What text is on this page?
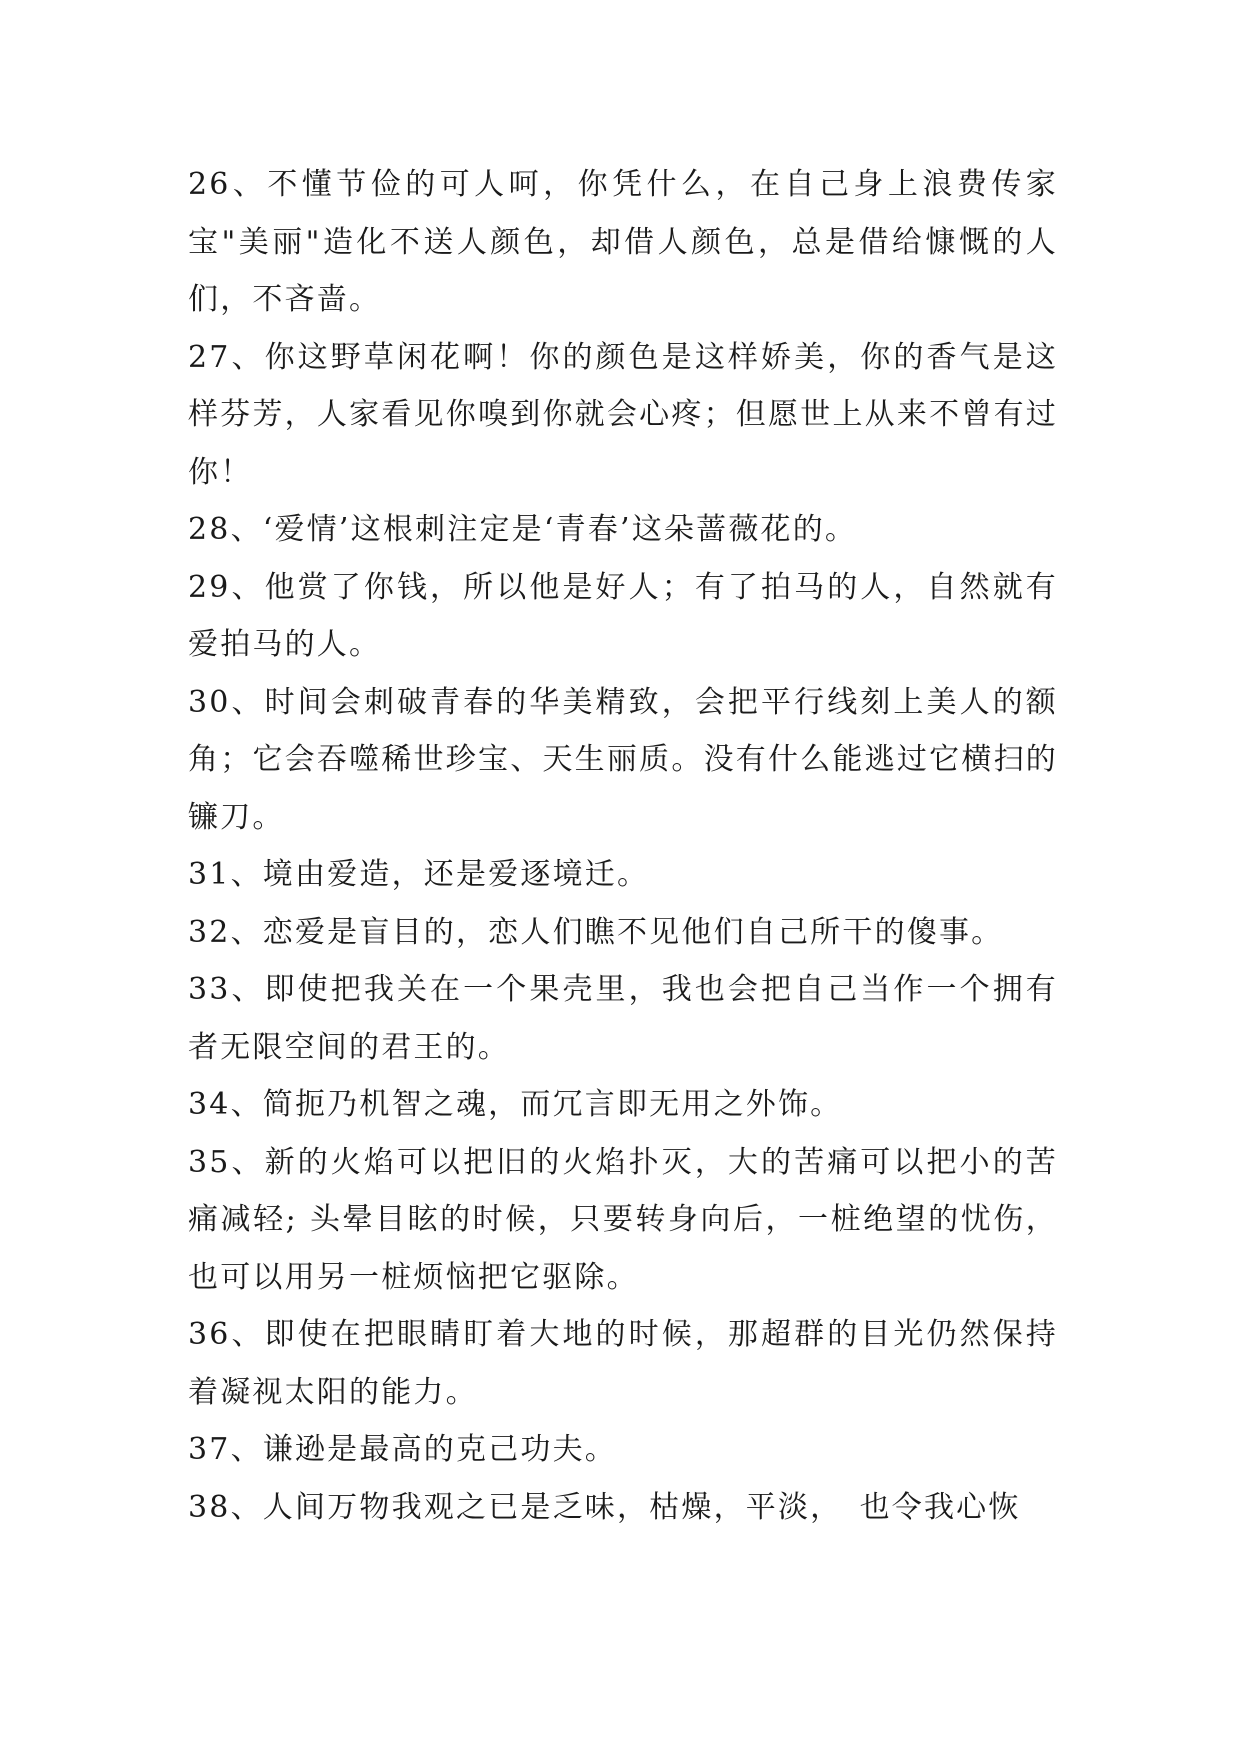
26、不懂节俭的可人呵，你凭什么，在自己身上浪费传家宝"美丽"造化不送人颜色，却借人颜色，总是借给慷慨的人们，不吝啬。

27、你这野草闲花啊！你的颜色是这样娇美，你的香气是这样芬芳，人家看见你嗅到你就会心疼；但愿世上从来不曾有过你！

28、‘爱情’这根刺注定是‘青春’这朵蔷薇花的。

29、他赏了你钱，所以他是好人；有了拍马的人，自然就有爱拍马的人。

30、时间会刺破青春的华美精致，会把平行线刻上美人的额角；它会吞噬稀世珍宝、天生丽质。没有什么能逃过它横扫的镰刀。

31、境由爱造，还是爱逐境迁。

32、恋爱是盲目的，恋人们瞧不见他们自己所干的傻事。

33、即使把我关在一个果壳里，我也会把自己当作一个拥有者无限空间的君王的。

34、简扼乃机智之魂，而冗言即无用之外饰。

35、新的火焰可以把旧的火焰扑灭，大的苦痛可以把小的苦痛减轻; 头晕目眩的时候，只要转身向后，一桩绝望的忧伤，也可以用另一桩烦恼把它驱除。

36、即使在把眼睛盯着大地的时候，那超群的目光仍然保持着凝视太阳的能力。

37、谦逊是最高的克己功夫。

38、人间万物我观之已是乏味，枯燥，平淡，　也令我心恢
